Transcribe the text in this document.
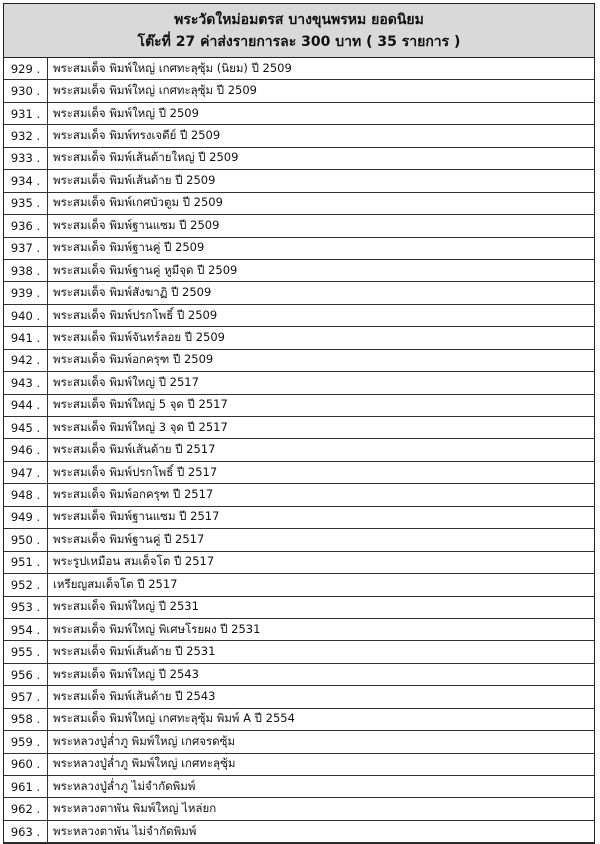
พระวัดใหม่อมตรส บางขุนพรหม ยอดนิยม
โต๊ะที่ 27 ค่าส่งรายการละ 300 บาท ( 35 รายการ )
929 .	พระสมเด็จ พิมพ์ใหญ่ เกศทะลุซุ้ม (นิยม) ปี 2509
930 .	พระสมเด็จ พิมพ์ใหญ่ เกศทะลุซุ้ม ปี 2509
931 .	พระสมเด็จ พิมพ์ใหญ่ ปี 2509
932 .	พระสมเด็จ พิมพ์ทรงเจดีย์ ปี 2509
933 .	พระสมเด็จ พิมพ์เส้นด้ายใหญ่ ปี 2509
934 .	พระสมเด็จ พิมพ์เส้นด้าย ปี 2509
935 .	พระสมเด็จ พิมพ์เกศบัวตูม ปี 2509
936 .	พระสมเด็จ พิมพ์ฐานแซม ปี 2509
937 .	พระสมเด็จ พิมพ์ฐานคู่ ปี 2509
938 .	พระสมเด็จ พิมพ์ฐานคู่ หูมีจุด ปี 2509
939 .	พระสมเด็จ พิมพ์สังฆาฏิ ปี 2509
940 .	พระสมเด็จ พิมพ์ปรกโพธิ์ ปี 2509
941 .	พระสมเด็จ พิมพ์จันทร์ลอย ปี 2509
942 .	พระสมเด็จ พิมพ์อกครุฑ ปี 2509
943 .	พระสมเด็จ พิมพ์ใหญ่ ปี 2517
944 .	พระสมเด็จ พิมพ์ใหญ่ 5 จุด ปี 2517
945 .	พระสมเด็จ พิมพ์ใหญ่ 3 จุด ปี 2517
946 .	พระสมเด็จ พิมพ์เส้นด้าย ปี 2517
947 .	พระสมเด็จ พิมพ์ปรกโพธิ์ ปี 2517
948 .	พระสมเด็จ พิมพ์อกครุฑ ปี 2517
949 .	พระสมเด็จ พิมพ์ฐานแซม ปี 2517
950 .	พระสมเด็จ พิมพ์ฐานคู่ ปี 2517
951 .	พระรูปเหมือน สมเด็จโต ปี 2517
952 .	เหรียญสมเด็จโต ปี 2517
953 .	พระสมเด็จ พิมพ์ใหญ่ ปี 2531
954 .	พระสมเด็จ พิมพ์ใหญ่ พิเศษโรยผง ปี 2531
955 .	พระสมเด็จ พิมพ์เส้นด้าย ปี 2531
956 .	พระสมเด็จ พิมพ์ใหญ่ ปี 2543
957 .	พระสมเด็จ พิมพ์เส้นด้าย ปี 2543
958 .	พระสมเด็จ พิมพ์ใหญ่ เกศทะลุซุ้ม พิมพ์ A ปี 2554
959 .	พระหลวงปู่ล่ำภู พิมพ์ใหญ่ เกศจรดซุ้ม
960 .	พระหลวงปู่ล่ำภู พิมพ์ใหญ่ เกศทะลุซุ้ม
961 .	พระหลวงปู่ล่ำภู ไม่จำกัดพิมพ์
962 .	พระหลวงตาพัน พิมพ์ใหญ่ ไหล่ยก
963 .	พระหลวงตาพัน ไม่จำกัดพิมพ์
